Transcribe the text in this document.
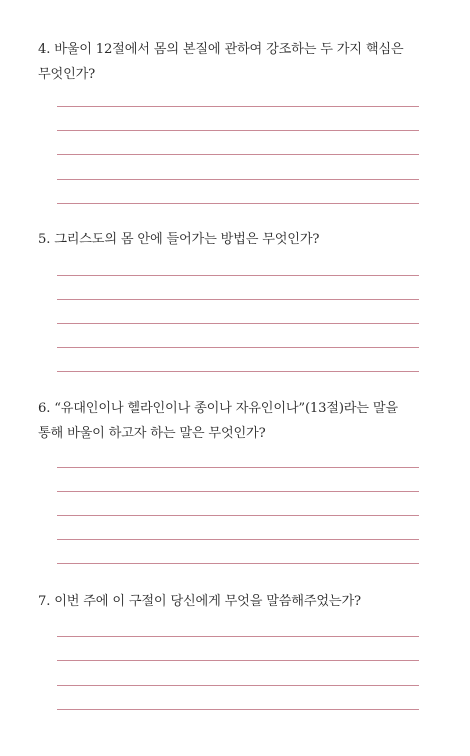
4. 바울이 12절에서 몸의 본질에 관하여 강조하는 두 가지 핵심은
무엇인가?
5. 그리스도의 몸 안에 들어가는 방법은 무엇인가?
6. “유대인이나 헬라인이나 종이나 자유인이나”(13절)라는 말을
통해 바울이 하고자 하는 말은 무엇인가?
7. 이번 주에 이 구절이 당신에게 무엇을 말씀해주었는가?
